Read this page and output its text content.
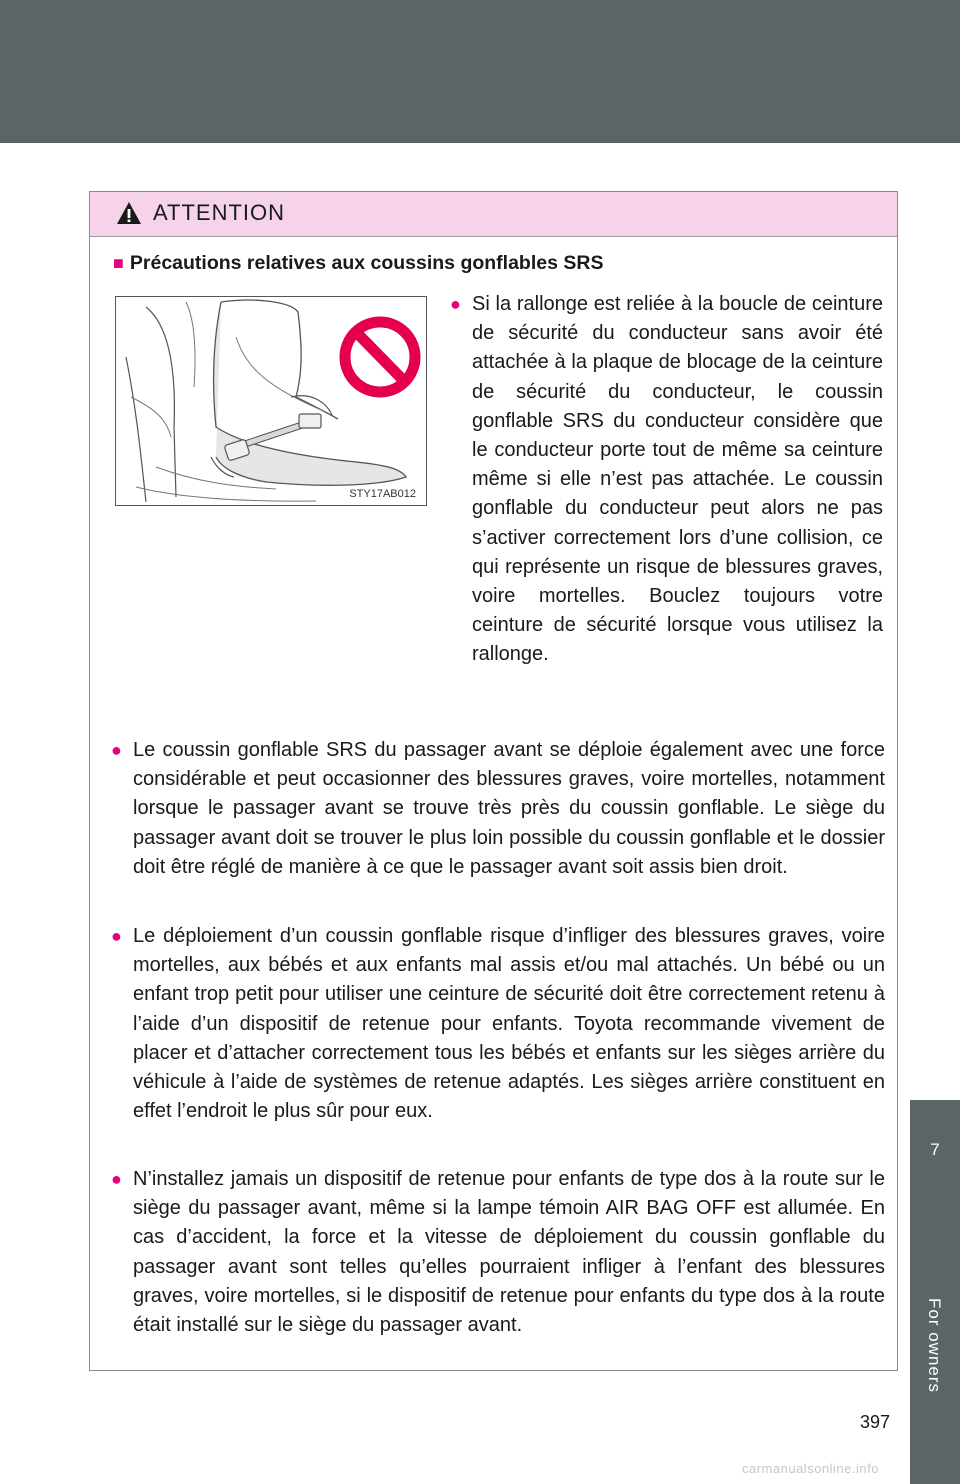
7
For owners
ATTENTION
■ Précautions relatives aux coussins gonflables SRS
STY17AB012
● Si la rallonge est reliée à la boucle de ceinture de sécurité du conducteur sans avoir été attachée à la plaque de blocage de la ceinture de sécurité du conducteur, le coussin gonflable SRS du conducteur considère que le conducteur porte tout de même sa ceinture même si elle n’est pas attachée. Le coussin gonflable du conducteur peut alors ne pas s’activer correctement lors d’une collision, ce qui représente un risque de blessures graves, voire mortelles. Bouclez toujours votre ceinture de sécurité lorsque vous utilisez la rallonge.
● Le coussin gonflable SRS du passager avant se déploie également avec une force considérable et peut occasionner des blessures graves, voire mortelles, notamment lorsque le passager avant se trouve très près du coussin gonflable. Le siège du passager avant doit se trouver le plus loin possible du coussin gonflable et le dossier doit être réglé de manière à ce que le passager avant soit assis bien droit.
● Le déploiement d’un coussin gonflable risque d’infliger des blessures graves, voire mortelles, aux bébés et aux enfants mal assis et/ou mal attachés. Un bébé ou un enfant trop petit pour utiliser une ceinture de sécurité doit être correctement retenu à l’aide d’un dispositif de retenue pour enfants. Toyota recommande vivement de placer et d’attacher correctement tous les bébés et enfants sur les sièges arrière du véhicule à l’aide de systèmes de retenue adaptés. Les sièges arrière constituent en effet l’endroit le plus sûr pour eux.
● N’installez jamais un dispositif de retenue pour enfants de type dos à la route sur le siège du passager avant, même si la lampe témoin AIR BAG OFF est allumée. En cas d’accident, la force et la vitesse de déploiement du coussin gonflable du passager avant sont telles qu’elles pourraient infliger à l’enfant des blessures graves, voire mortelles, si le dispositif de retenue pour enfants du type dos à la route était installé sur le siège du passager avant.
397
carmanualsonline.info
